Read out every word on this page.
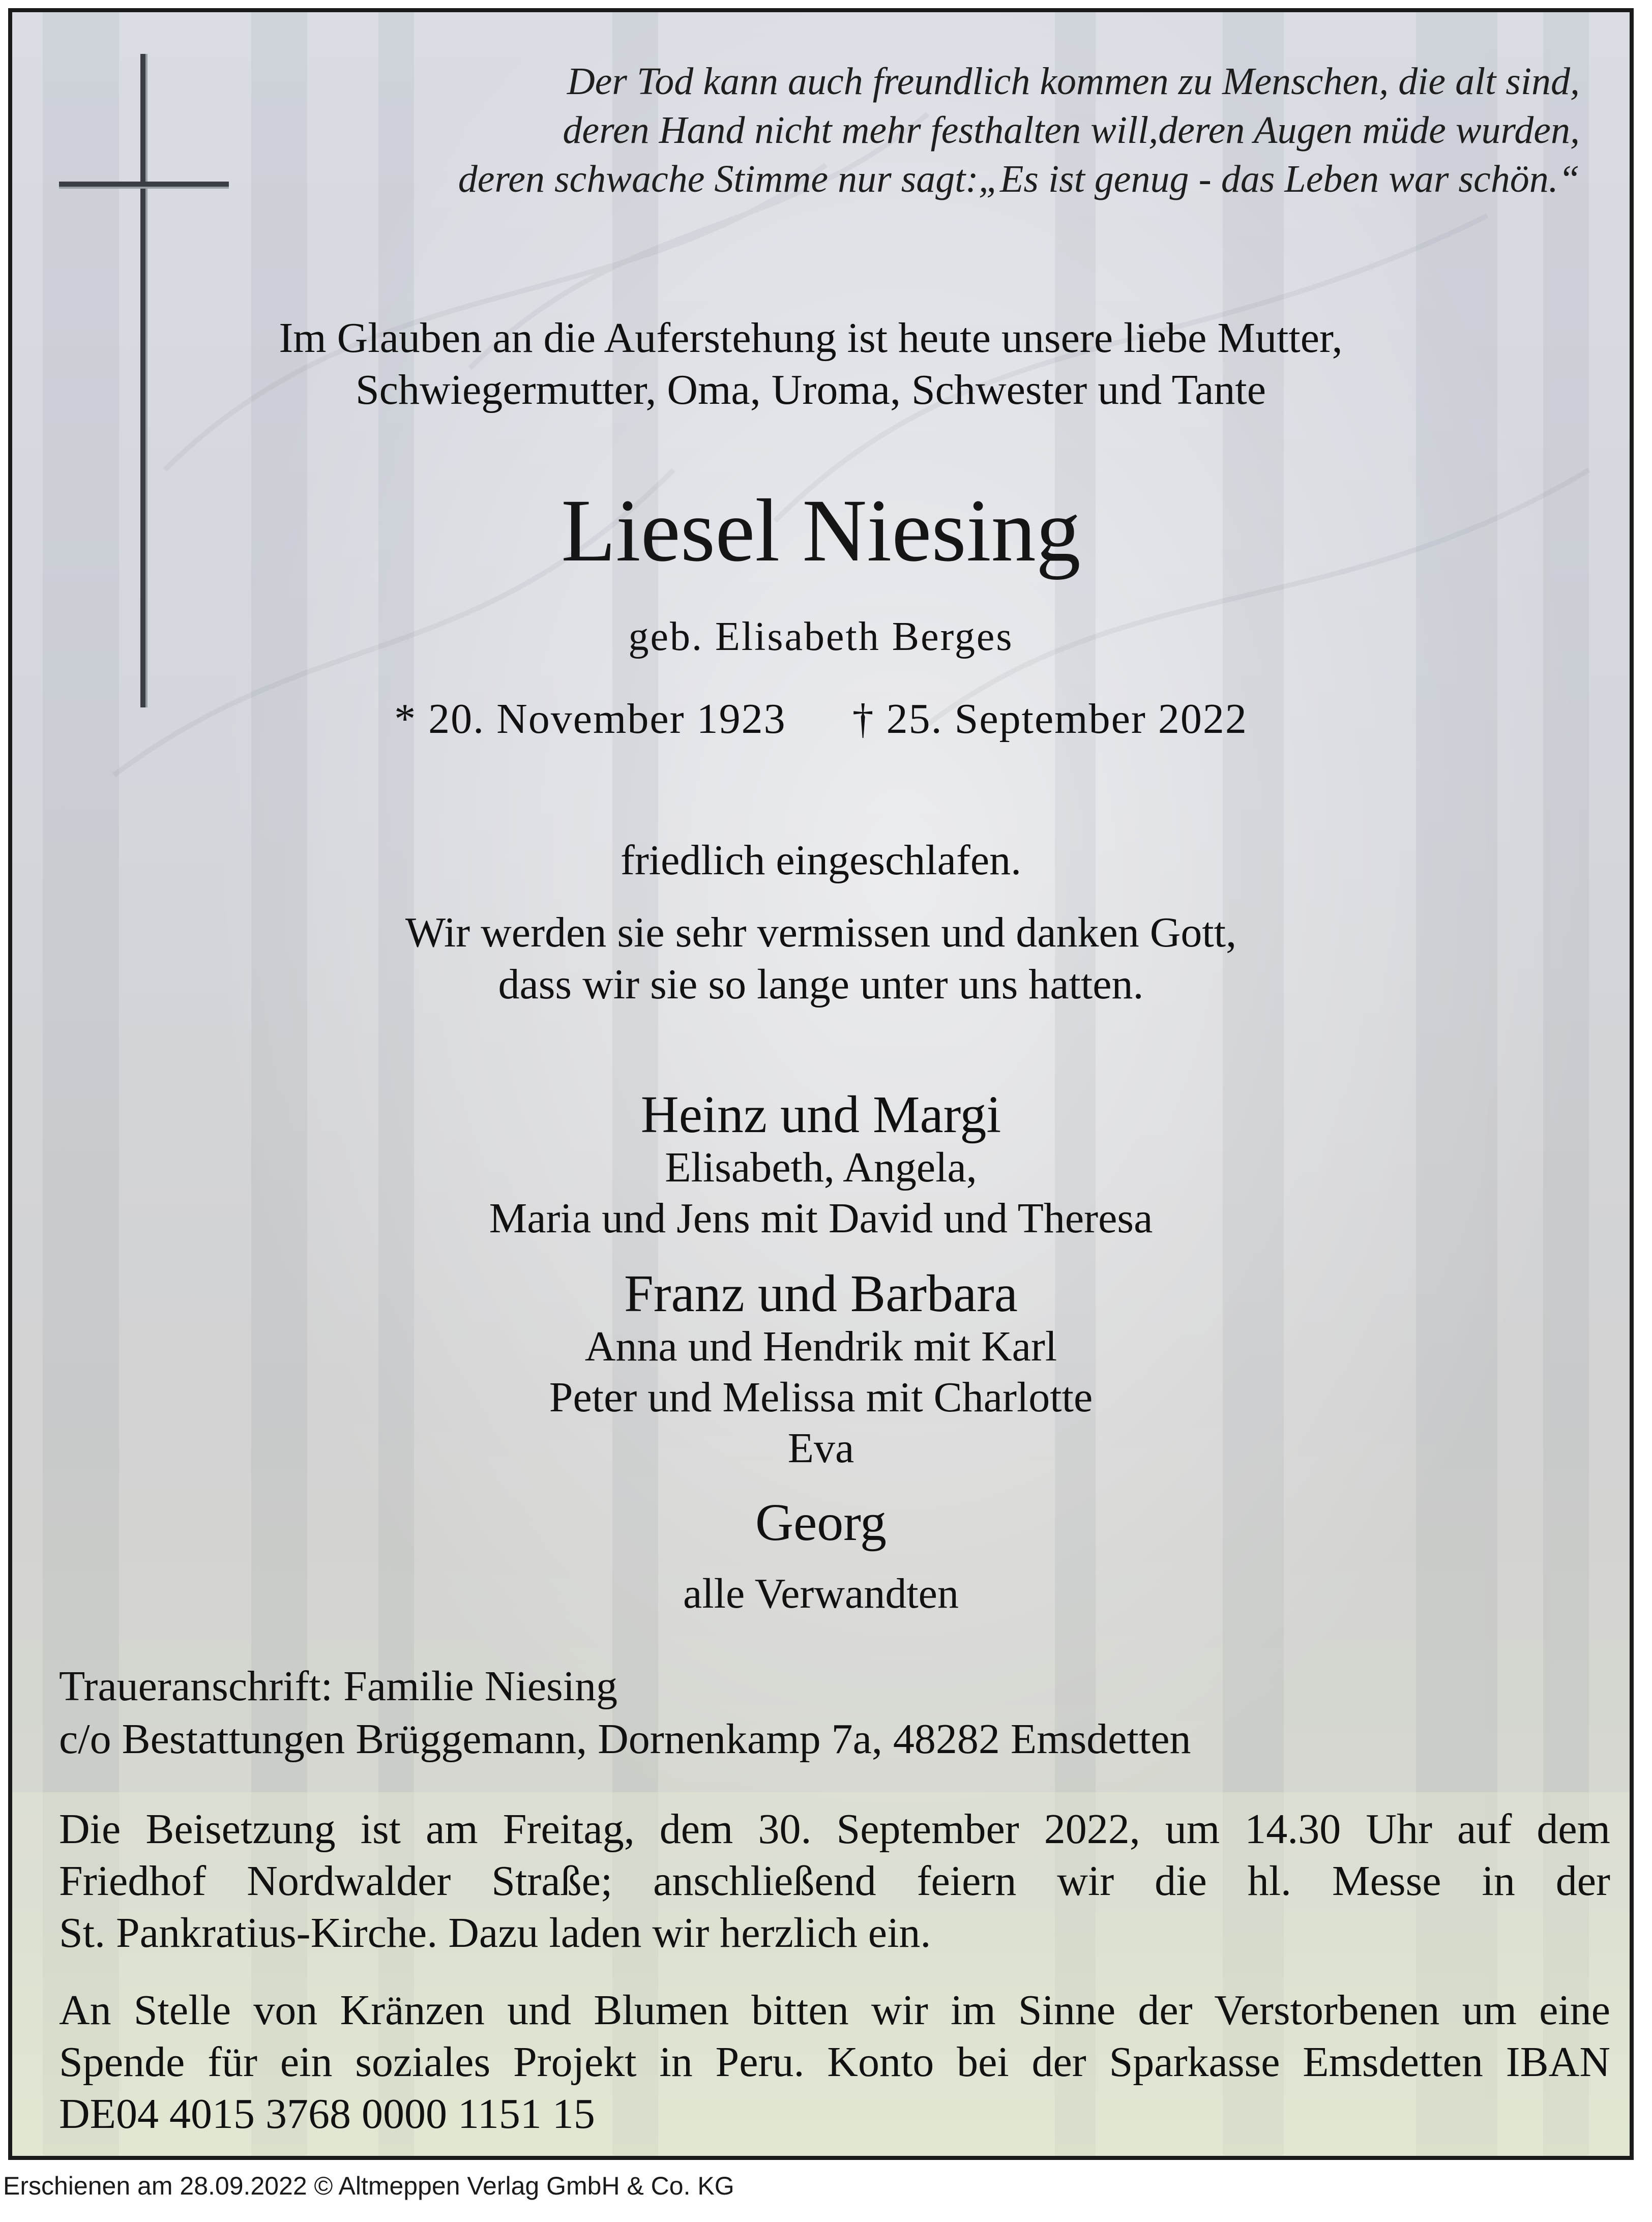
Der Tod kann auch freundlich kommen zu Menschen, die alt sind,
deren Hand nicht mehr festhalten will,deren Augen müde wurden,
deren schwache Stimme nur sagt:„Es ist genug - das Leben war schön.“
Im Glauben an die Auferstehung ist heute unsere liebe Mutter,
Schwiegermutter, Oma, Uroma, Schwester und Tante
Liesel Niesing
geb. Elisabeth Berges
* 20. November 1923 † 25. September 2022
friedlich eingeschlafen.
Wir werden sie sehr vermissen und danken Gott,
dass wir sie so lange unter uns hatten.
Heinz und Margi
Elisabeth, Angela,
Maria und Jens mit David und Theresa
Franz und Barbara
Anna und Hendrik mit Karl
Peter und Melissa mit Charlotte
Eva
Georg
alle Verwandten
Traueranschrift: Familie Niesing
c/o Bestattungen Brüggemann, Dornenkamp 7a, 48282 Emsdetten
Die Beisetzung ist am Freitag, dem 30. September 2022, um 14.30 Uhr auf dem
Friedhof Nordwalder Straße; anschließend feiern wir die hl. Messe in der
St. Pankratius-Kirche. Dazu laden wir herzlich ein.
An Stelle von Kränzen und Blumen bitten wir im Sinne der Verstorbenen um eine
Spende für ein soziales Projekt in Peru. Konto bei der Sparkasse Emsdetten IBAN
DE04 4015 3768 0000 1151 15
Erschienen am 28.09.2022 © Altmeppen Verlag GmbH & Co. KG
